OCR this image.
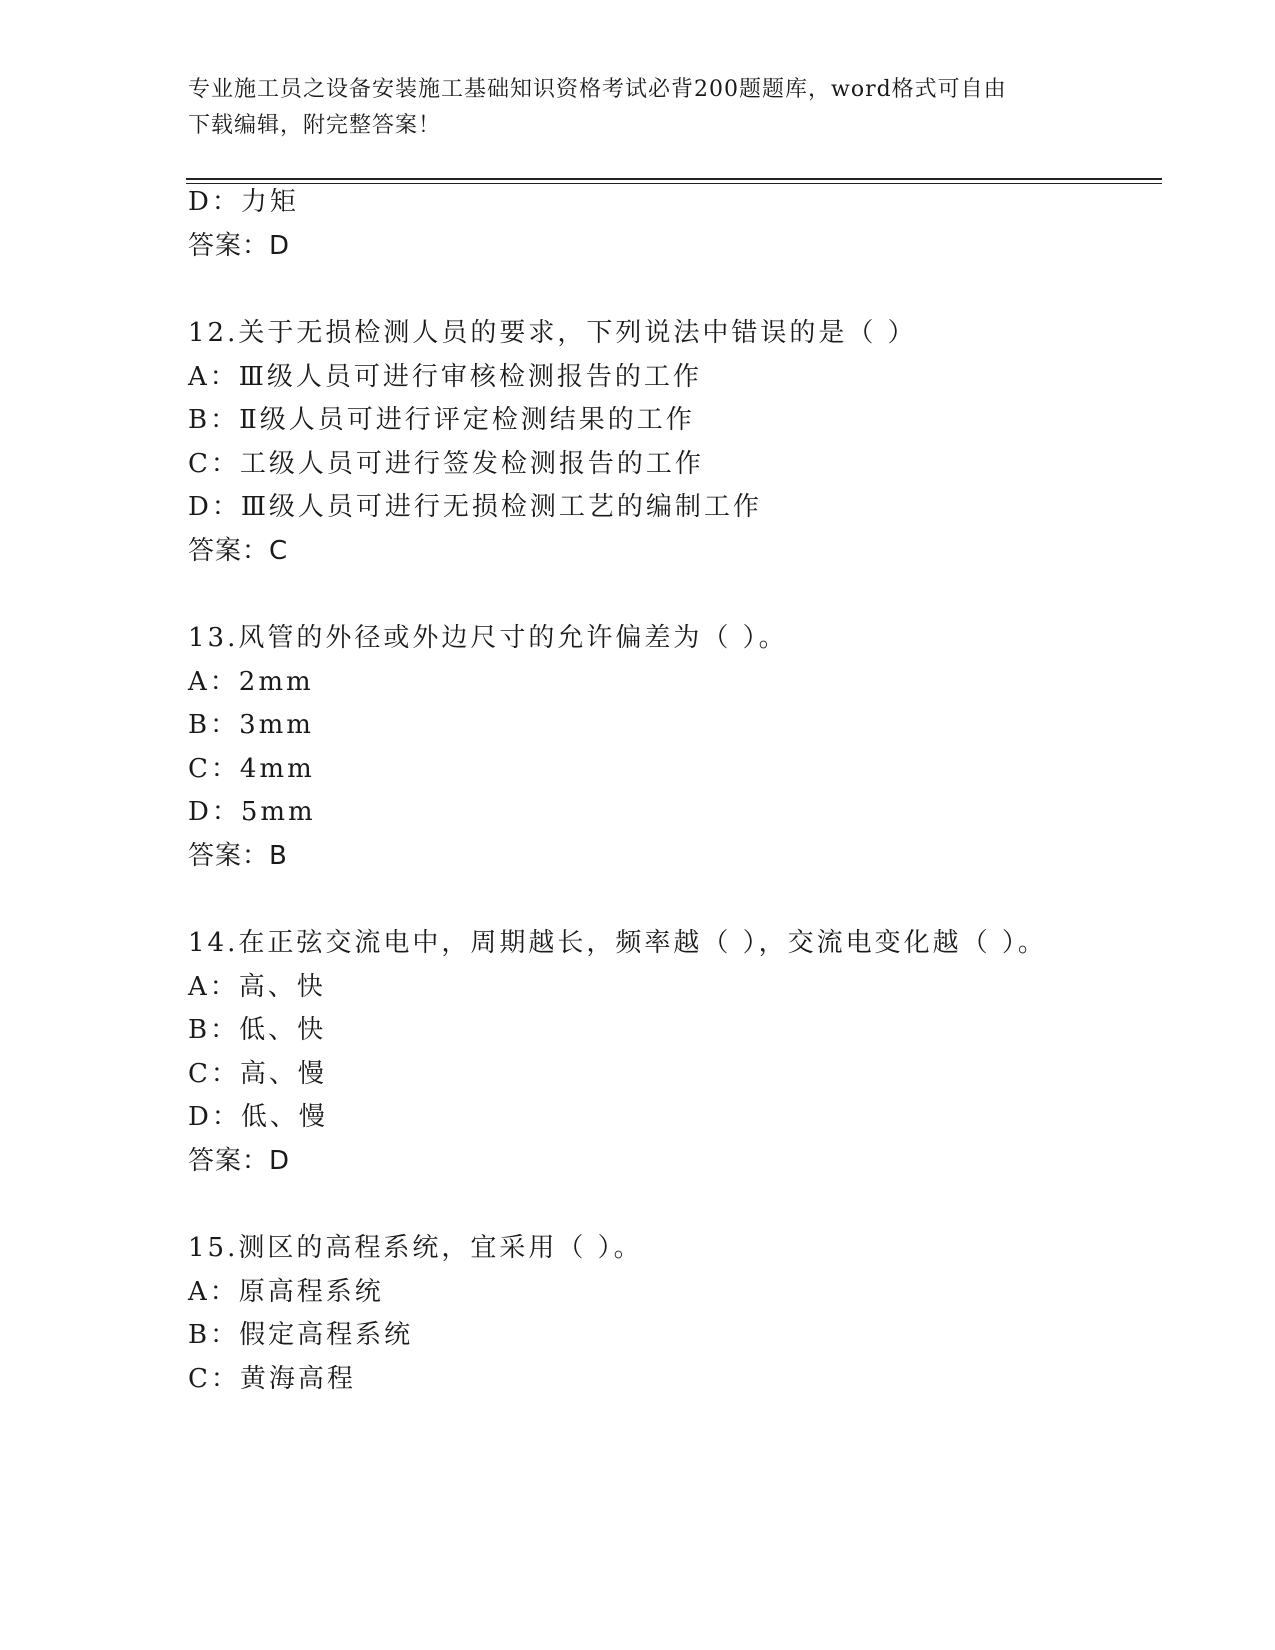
专业施工员之设备安装施工基础知识资格考试必背200题题库，word格式可自由
下载编辑，附完整答案！
D：力矩
答案：D
12.关于无损检测人员的要求，下列说法中错误的是（ ）
A：Ⅲ级人员可进行审核检测报告的工作
B：Ⅱ级人员可进行评定检测结果的工作
C：工级人员可进行签发检测报告的工作
D：Ⅲ级人员可进行无损检测工艺的编制工作
答案：C
13.风管的外径或外边尺寸的允许偏差为（ ）。
A：2mm
B：3mm
C：4mm
D：5mm
答案：B
14.在正弦交流电中，周期越长，频率越（ ），交流电变化越（ ）。
A：高、快
B：低、快
C：高、慢
D：低、慢
答案：D
15.测区的高程系统，宜采用（ ）。
A：原高程系统
B：假定高程系统
C：黄海高程
